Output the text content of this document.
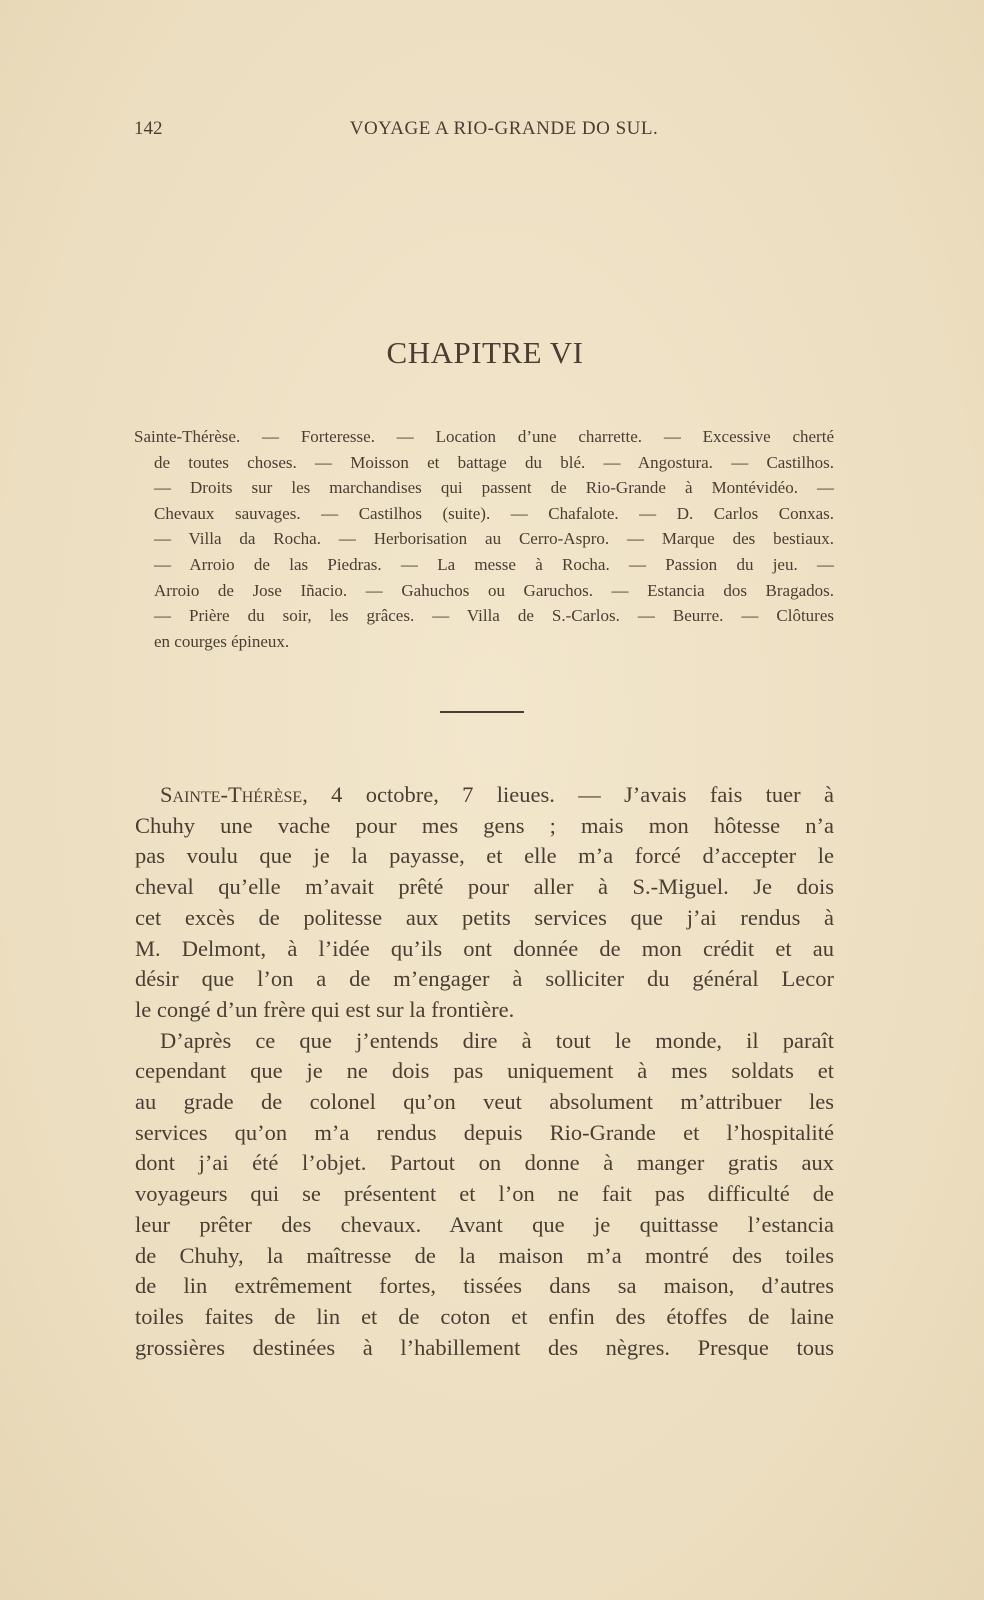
142	VOYAGE A RIO-GRANDE DO SUL.
CHAPITRE VI
Sainte-Thérèse. — Forteresse. — Location d’une charrette. — Excessive cherté
de toutes choses. — Moisson et battage du blé. — Angostura. — Castilhos.
— Droits sur les marchandises qui passent de Rio-Grande à Montévidéo. —
Chevaux sauvages. — Castilhos (suite). — Chafalote. — D. Carlos Conxas.
— Villa da Rocha. — Herborisation au Cerro-Aspro. — Marque des bestiaux.
— Arroio de las Piedras. — La messe à Rocha. — Passion du jeu. —
Arroio de Jose Iñacio. — Gahuchos ou Garuchos. — Estancia dos Bragados.
— Prière du soir, les grâces. — Villa de S.-Carlos. — Beurre. — Clôtures
en courges épineux.
Sainte-Thérèse, 4 octobre, 7 lieues. — J’avais fais tuer à
Chuhy une vache pour mes gens ; mais mon hôtesse n’a
pas voulu que je la payasse, et elle m’a forcé d’accepter le
cheval qu’elle m’avait prêté pour aller à S.-Miguel. Je dois
cet excès de politesse aux petits services que j’ai rendus à
M. Delmont, à l’idée qu’ils ont donnée de mon crédit et au
désir que l’on a de m’engager à solliciter du général Lecor
le congé d’un frère qui est sur la frontière.
D’après ce que j’entends dire à tout le monde, il paraît
cependant que je ne dois pas uniquement à mes soldats et
au grade de colonel qu’on veut absolument m’attribuer les
services qu’on m’a rendus depuis Rio-Grande et l’hospitalité
dont j’ai été l’objet. Partout on donne à manger gratis aux
voyageurs qui se présentent et l’on ne fait pas difficulté de
leur prêter des chevaux. Avant que je quittasse l’estancia
de Chuhy, la maîtresse de la maison m’a montré des toiles
de lin extrêmement fortes, tissées dans sa maison, d’autres
toiles faites de lin et de coton et enfin des étoffes de laine
grossières destinées à l’habillement des nègres. Presque tous
